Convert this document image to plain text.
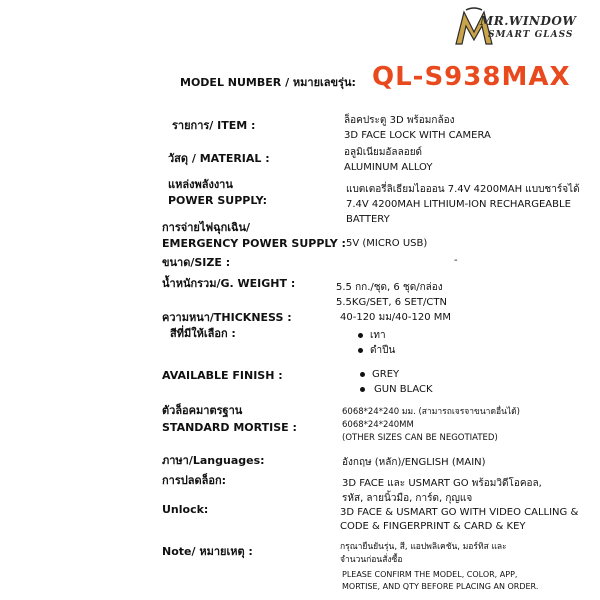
MR.WINDOW
SMART GLASS
MODEL NUMBER / หมายเลขรุ่น: QL-S938MAX
รายการ/ ITEM :	ล็อคประตู 3D พร้อมกล้อง
3D FACE LOCK WITH CAMERA
วัสดุ / MATERIAL :	อลูมิเนียมอัลลอยด์
ALUMINUM ALLOY
แหล่งพลังงาน
POWER SUPPLY:
แบตเตอรี่ลิเธียมไอออน 7.4V 4200MAH แบบชาร์จได้
7.4V 4200MAH LITHIUM-ION RECHARGEABLE
BATTERY
การจ่ายไฟฉุกเฉิน/
EMERGENCY POWER SUPPLY : 5V (MICRO USB)
ขนาด/SIZE :	-
น้ำหนักรวม/G. WEIGHT :	5.5 กก./ชุด, 6 ชุด/กล่อง
5.5KG/SET, 6 SET/CTN
ความหนา/THICKNESS :	40-120 มม/40-120 MM
สีที่มีให้เลือก :	เทา
ดำปืน
AVAILABLE FINISH :	GREY
GUN BLACK
ตัวล็อคมาตรฐาน
STANDARD MORTISE :
6068*24*240 มม. (สามารถเจรจาขนาดอื่นได้)
6068*24*240MM
(OTHER SIZES CAN BE NEGOTIATED)
ภาษา/Languages:	อังกฤษ (หลัก)/ENGLISH (MAIN)
การปลดล็อก:	3D FACE และ USMART GO พร้อมวิดีโอคอล,
รหัส, ลายนิ้วมือ, การ์ด, กุญแจ
Unlock:	3D FACE & USMART GO WITH VIDEO CALLING &
CODE & FINGERPRINT & CARD & KEY
Note/ หมายเหตุ :	กรุณายืนยันรุ่น, สี, แอปพลิเคชัน, มอร์ทิส และ
จำนวนก่อนสั่งซื้อ
PLEASE CONFIRM THE MODEL, COLOR, APP,
MORTISE, AND QTY BEFORE PLACING AN ORDER.
